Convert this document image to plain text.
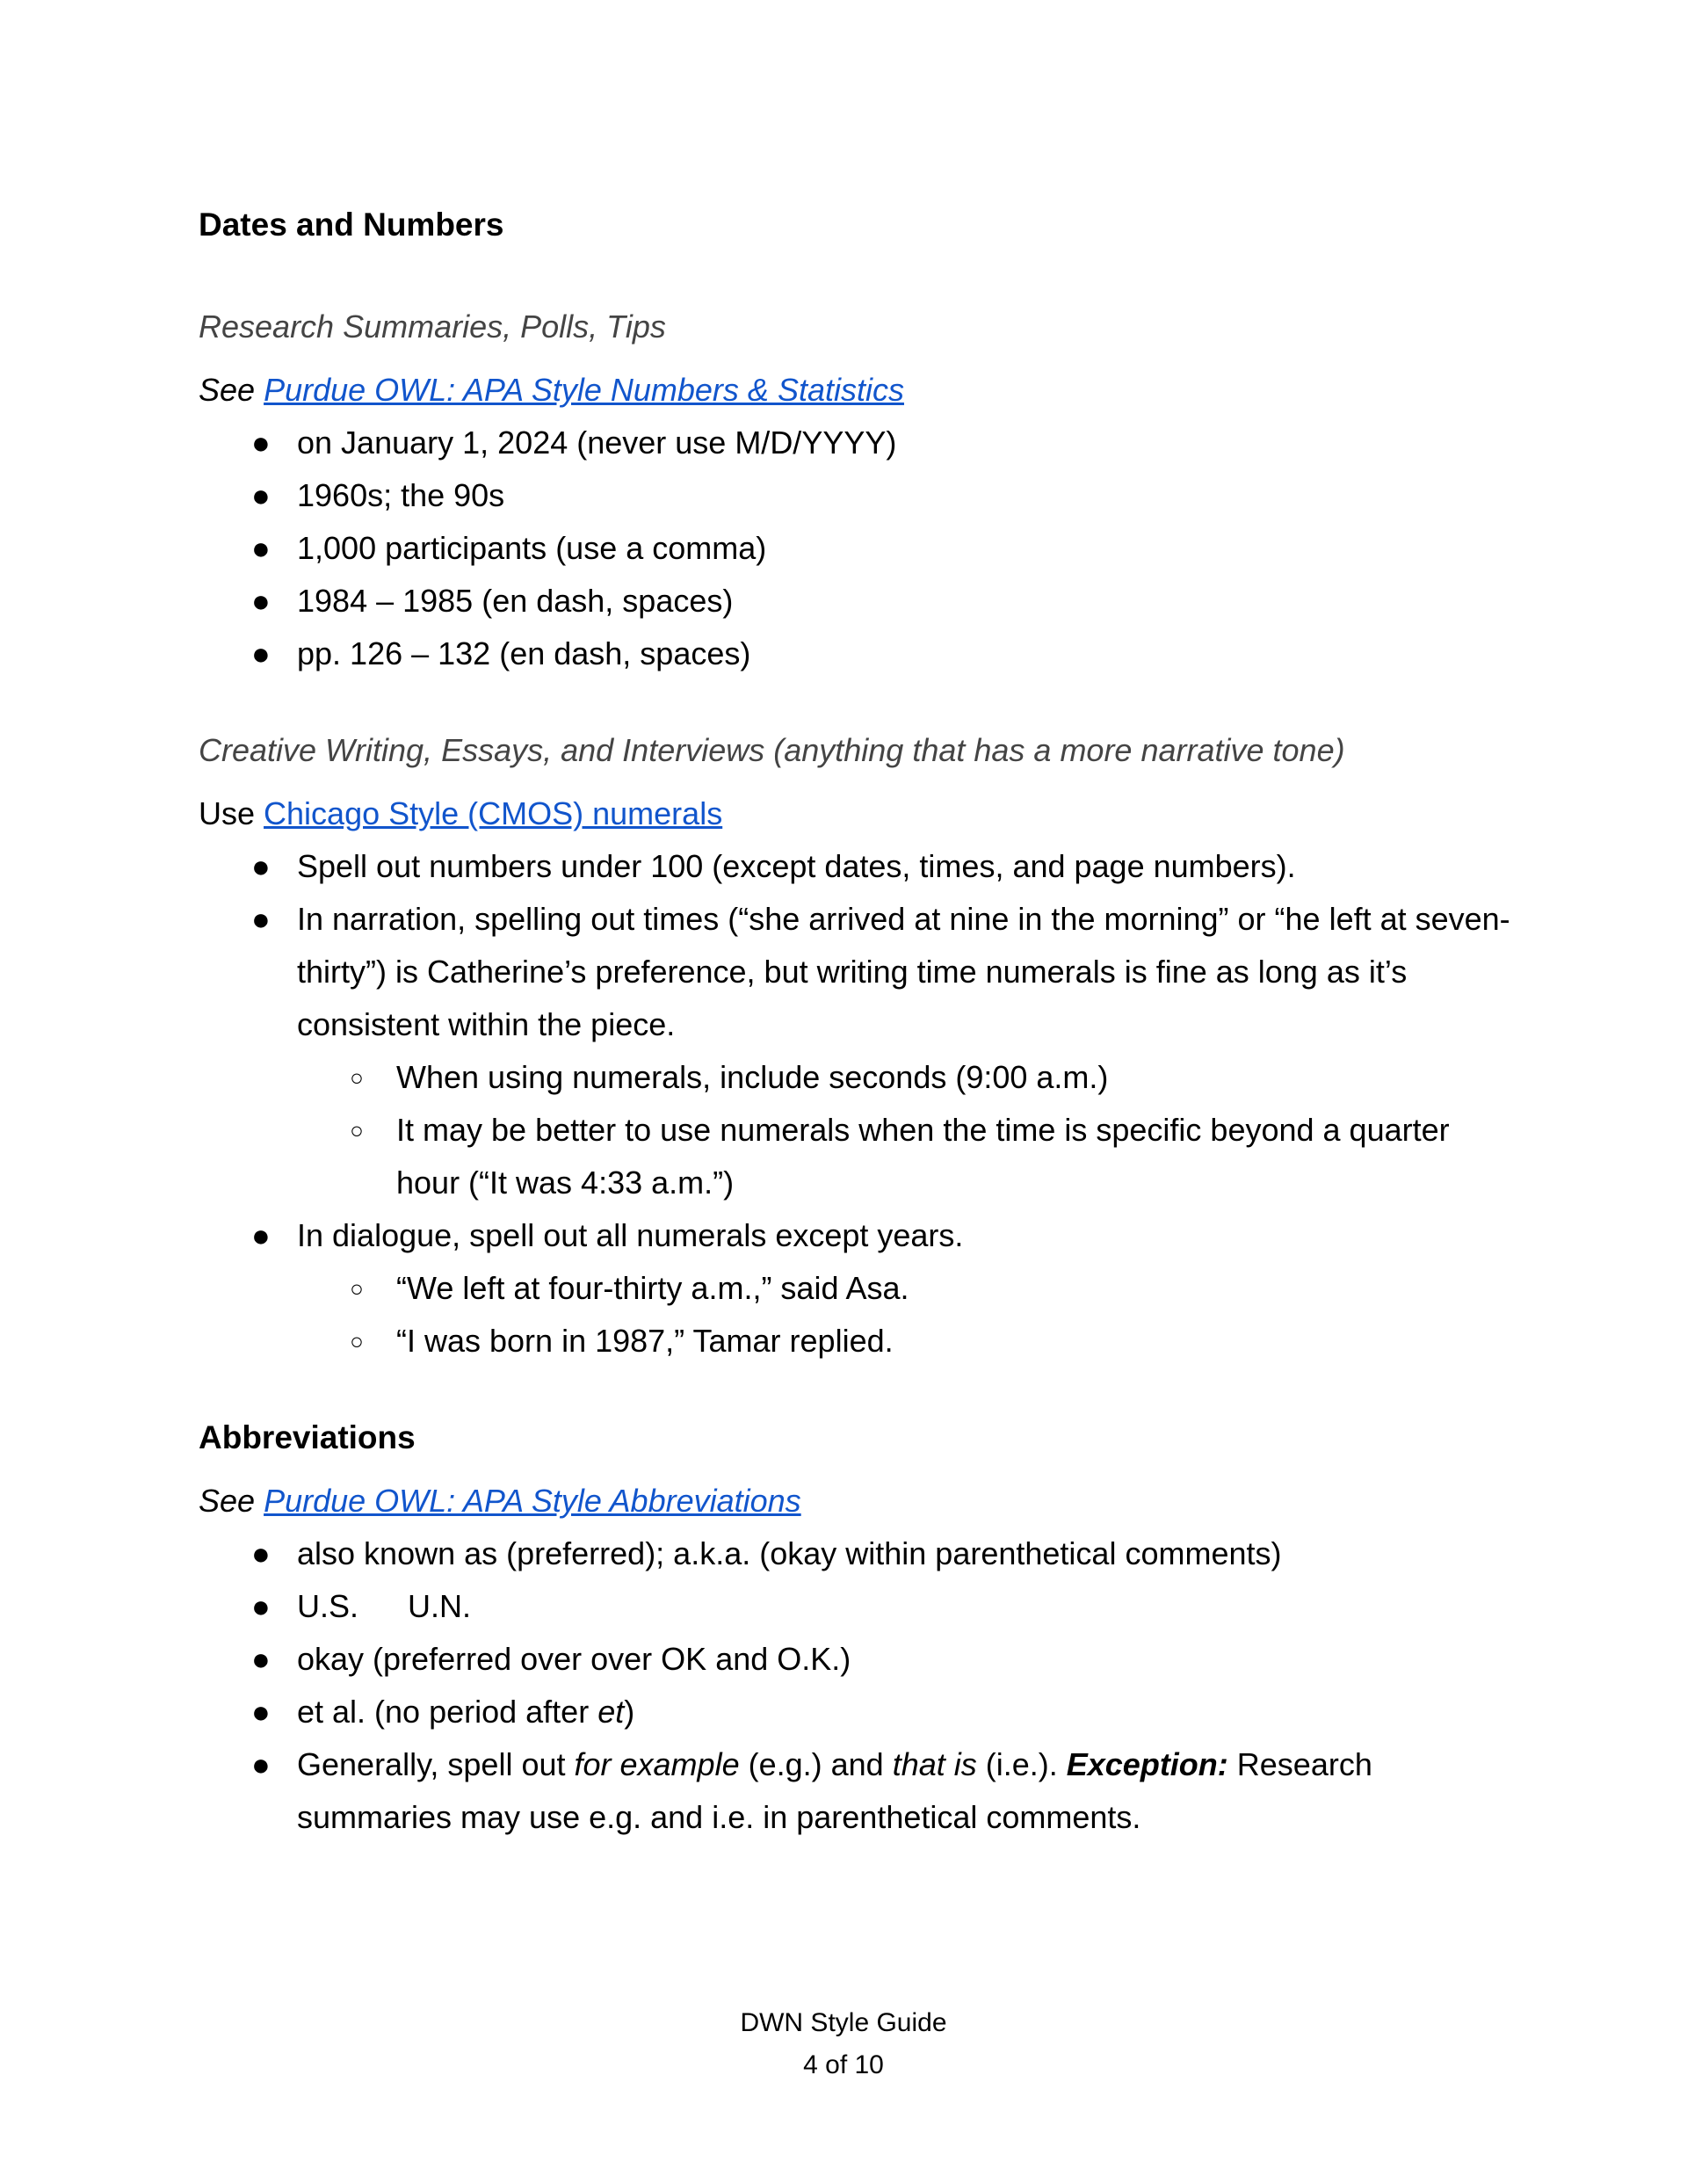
Dates and Numbers

Research Summaries, Polls, Tips

See Purdue OWL: APA Style Numbers & Statistics

● on January 1, 2024 (never use M/D/YYYY)
● 1960s; the 90s
● 1,000 participants (use a comma)
● 1984 – 1985 (en dash, spaces)
● pp. 126 – 132 (en dash, spaces)

Creative Writing, Essays, and Interviews (anything that has a more narrative tone)

Use Chicago Style (CMOS) numerals

● Spell out numbers under 100 (except dates, times, and page numbers).
● In narration, spelling out times (“she arrived at nine in the morning” or “he left at seven-thirty”) is Catherine’s preference, but writing time numerals is fine as long as it’s consistent within the piece.
○ When using numerals, include seconds (9:00 a.m.)
○ It may be better to use numerals when the time is specific beyond a quarter hour (“It was 4:33 a.m.”)
● In dialogue, spell out all numerals except years.
○ “We left at four-thirty a.m.,” said Asa.
○ “I was born in 1987,” Tamar replied.
Abbreviations

See Purdue OWL: APA Style Abbreviations

● also known as (preferred); a.k.a. (okay within parenthetical comments)
● U.S. U.N.
● okay (preferred over over OK and O.K.)
● et al. (no period after et)
● Generally, spell out for example (e.g.) and that is (i.e.). Exception: Research summaries may use e.g. and i.e. in parenthetical comments.
DWN Style Guide
4 of 10
